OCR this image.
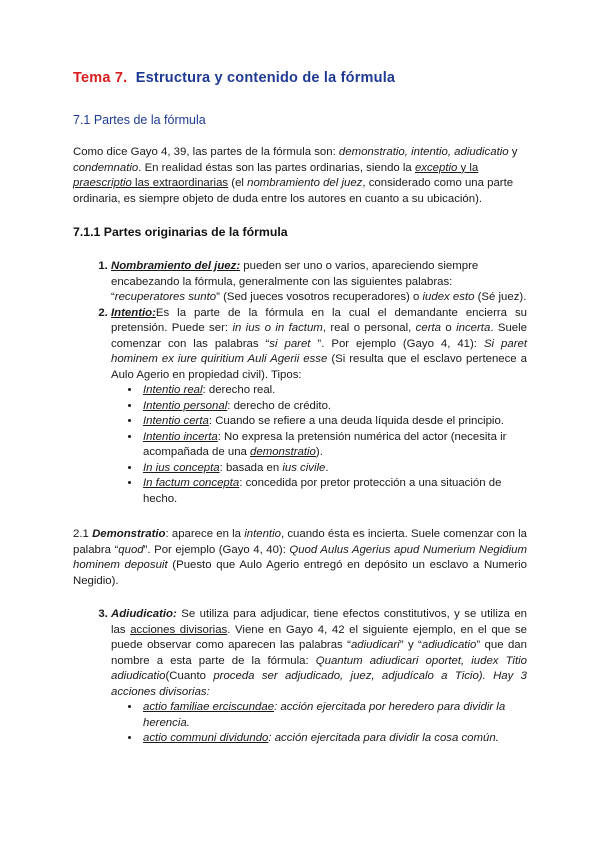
Tema 7. Estructura y contenido de la fórmula
7.1 Partes de la fórmula

Como dice Gayo 4, 39, las partes de la fórmula son: demonstratio, intentio, adiudicatio y condemnatio. En realidad éstas son las partes ordinarias, siendo la exceptio y la praescriptio las extraordinarias (el nombramiento del juez, considerado como una parte ordinaria, es siempre objeto de duda entre los autores en cuanto a su ubicación).

7.1.1 Partes originarias de la fórmula
1. Nombramiento del juez: pueden ser uno o varios, apareciendo siempre encabezando la fórmula, generalmente con las siguientes palabras: “recuperatores sunto” (Sed jueces vosotros recuperadores) o iudex esto (Sé juez).
2. Intentio:Es la parte de la fórmula en la cual el demandante encierra su pretensión. Puede ser: in ius o in factum, real o personal, certa o incerta. Suele comenzar con las palabras “si paret ”. Por ejemplo (Gayo 4, 41): Si paret hominem ex iure quiritium Auli Agerii esse (Si resulta que el esclavo pertenece a Aulo Agerio en propiedad civil). Tipos:
• Intentio real: derecho real.
• Intentio personal: derecho de crédito.
• Intentio certa: Cuando se refiere a una deuda líquida desde el principio.
• Intentio incerta: No expresa la pretensión numérica del actor (necesita ir acompañada de una demonstratio).
• In ius concepta: basada en ius civile.
• In factum concepta: concedida por pretor protección a una situación de hecho.

2.1 Demonstratio: aparece en la intentio, cuando ésta es incierta. Suele comenzar con la palabra “quod”. Por ejemplo (Gayo 4, 40): Quod Aulus Agerius apud Numerium Negidium hominem deposuit (Puesto que Aulo Agerio entregó en depósito un esclavo a Numerio Negidio).

3. Adiudicatio: Se utiliza para adjudicar, tiene efectos constitutivos, y se utiliza en las acciones divisorias. Viene en Gayo 4, 42 el siguiente ejemplo, en el que se puede observar como aparecen las palabras “adiudicari” y “adiudicatio” que dan nombre a esta parte de la fórmula: Quantum adiudicari oportet, iudex Titio adiudicatio(Cuanto proceda ser adjudicado, juez, adjudícalo a Ticio). Hay 3 acciones divisorias:
• actio familiae erciscundae: acción ejercitada por heredero para dividir la herencia.
• actio communi dividundo: acción ejercitada para dividir la cosa común.
